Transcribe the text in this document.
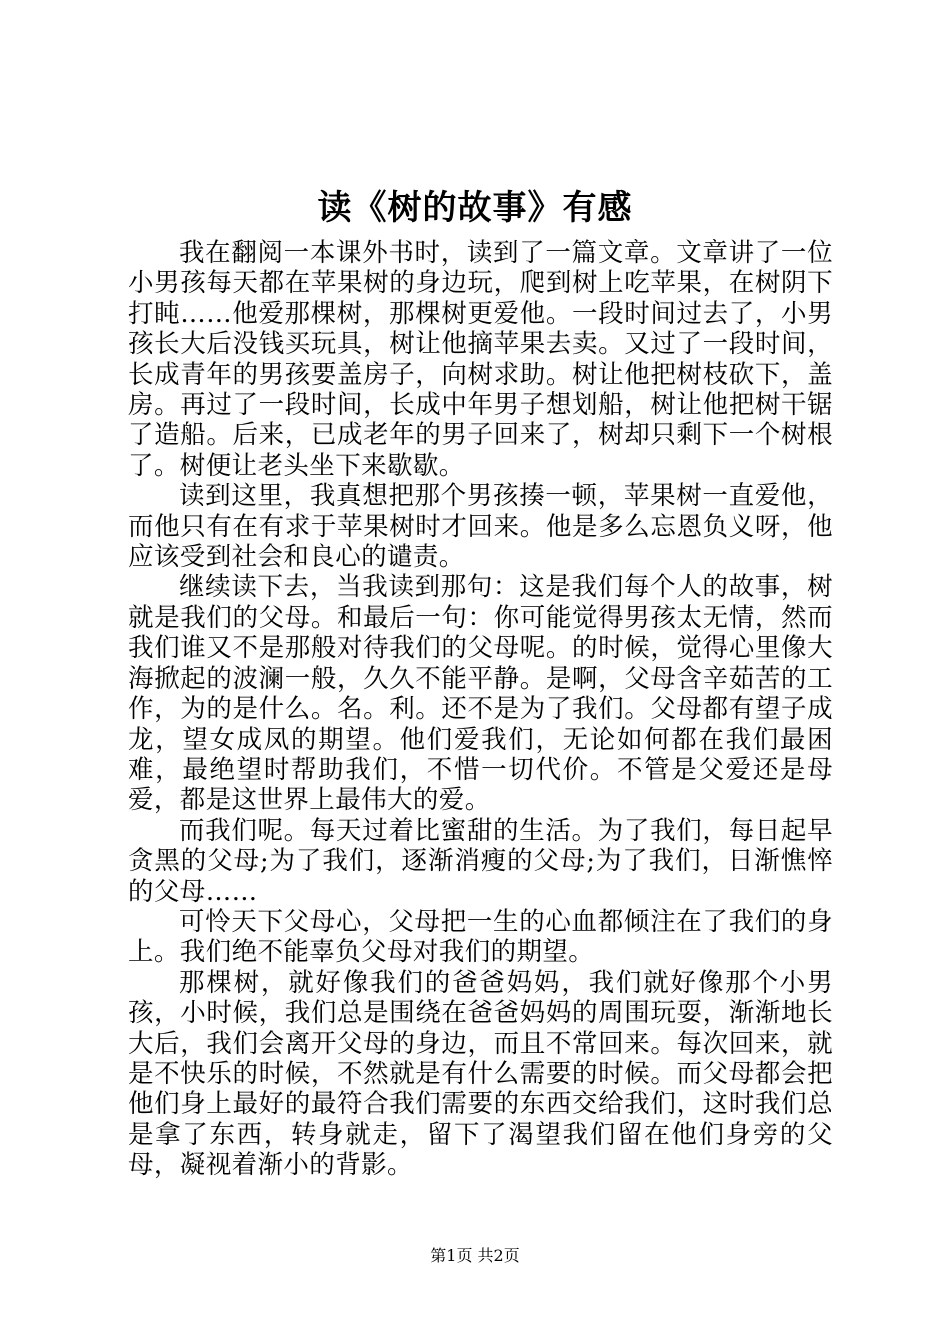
读《树的故事》有感

我在翻阅一本课外书时，读到了一篇文章。文章讲了一位小男孩每天都在苹果树的身边玩，爬到树上吃苹果，在树阴下打盹……他爱那棵树，那棵树更爱他。一段时间过去了，小男孩长大后没钱买玩具，树让他摘苹果去卖。又过了一段时间，长成青年的男孩要盖房子，向树求助。树让他把树枝砍下，盖房。再过了一段时间，长成中年男子想划船，树让他把树干锯了造船。后来，已成老年的男子回来了，树却只剩下一个树根了。树便让老头坐下来歇歇。

读到这里，我真想把那个男孩揍一顿，苹果树一直爱他，而他只有在有求于苹果树时才回来。他是多么忘恩负义呀，他应该受到社会和良心的谴责。

继续读下去，当我读到那句：这是我们每个人的故事，树就是我们的父母。和最后一句：你可能觉得男孩太无情，然而我们谁又不是那般对待我们的父母呢。的时候，觉得心里像大海掀起的波澜一般，久久不能平静。是啊，父母含辛茹苦的工作，为的是什么。名。利。还不是为了我们。父母都有望子成龙，望女成凤的期望。他们爱我们，无论如何都在我们最困难，最绝望时帮助我们，不惜一切代价。不管是父爱还是母爱，都是这世界上最伟大的爱。

而我们呢。每天过着比蜜甜的生活。为了我们，每日起早贪黑的父母;为了我们，逐渐消瘦的父母;为了我们，日渐憔悴的父母……

可怜天下父母心，父母把一生的心血都倾注在了我们的身上。我们绝不能辜负父母对我们的期望。

那棵树，就好像我们的爸爸妈妈，我们就好像那个小男孩，小时候，我们总是围绕在爸爸妈妈的周围玩耍，渐渐地长大后，我们会离开父母的身边，而且不常回来。每次回来，就是不快乐的时候，不然就是有什么需要的时候。而父母都会把他们身上最好的最符合我们需要的东西交给我们，这时我们总是拿了东西，转身就走，留下了渴望我们留在他们身旁的父母，凝视着渐小的背影。

第1页 共2页
